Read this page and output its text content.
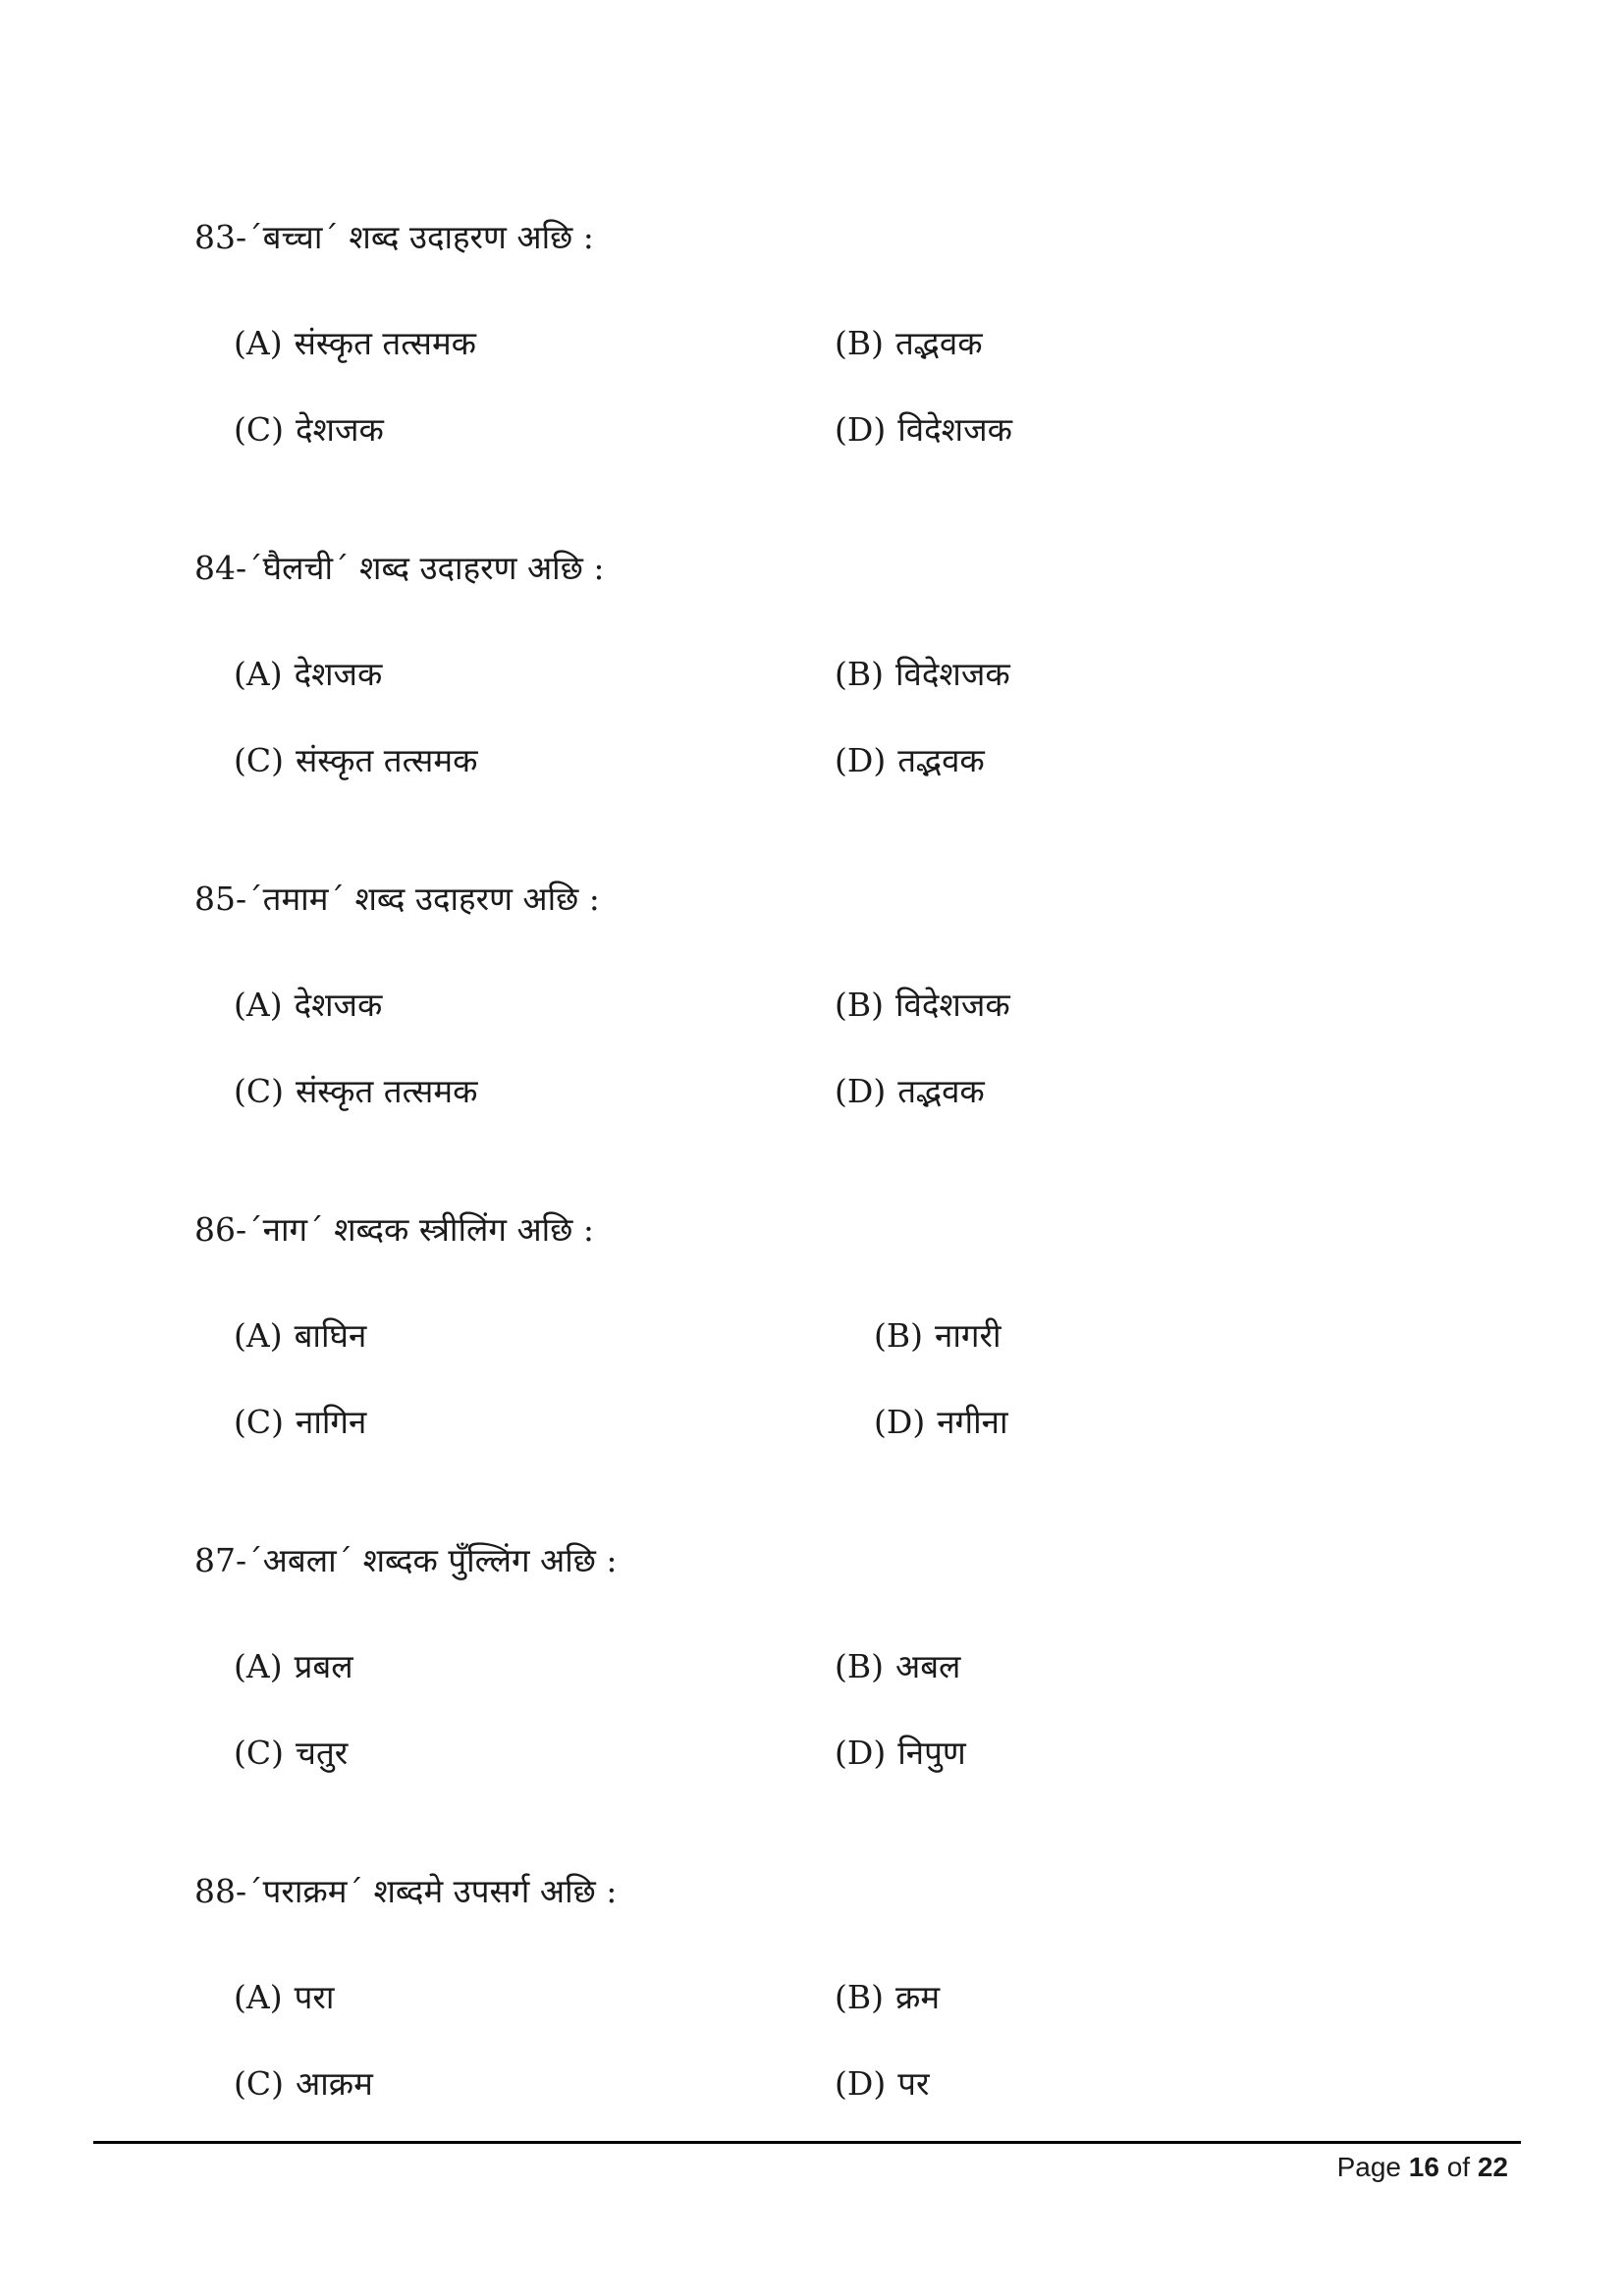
83-´बच्चा´ शब्द उदाहरण अछि :
(A) संस्कृत तत्समक	(B) तद्भवक
(C) देशजक	(D) विदेशजक
84-´घैलची´ शब्द उदाहरण अछि :
(A) देशजक	(B) विदेशजक
(C) संस्कृत तत्समक	(D) तद्भवक
85-´तमाम´ शब्द उदाहरण अछि :
(A) देशजक	(B) विदेशजक
(C) संस्कृत तत्समक	(D) तद्भवक
86-´नाग´ शब्दक स्त्रीलिंग अछि :
(A) बाघिन	(B) नागरी
(C) नागिन	(D) नगीना
87-´अबला´ शब्दक पुँल्लिंग अछि :
(A) प्रबल	(B) अबल
(C) चतुर	(D) निपुण
88-´पराक्रम´ शब्दमे उपसर्ग अछि :
(A) परा	(B) क्रम
(C) आक्रम	(D) पर
Page 16 of 22
